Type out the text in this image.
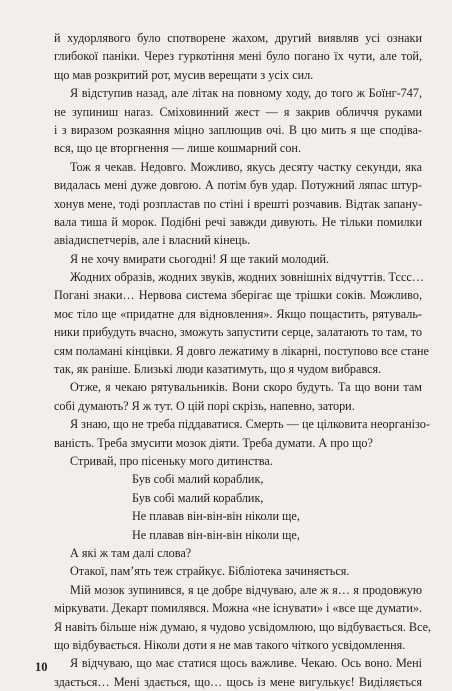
й худорлявого було спотворене жахом, другий виявляв усі ознаки
глибокої паніки. Через гуркотіння мені було погано їх чути, але той,
що мав розкритий рот, мусив верещати з усіх сил.
Я відступив назад, але літак на повному ходу, до того ж Боїнг-747,
не зупиниш наraз. Сміховинний жест — я закрив обличчя руками
і з виразом розкаяння міцно заплющив очі. В цю мить я ще сподіва-
вся, що це вторгнення — лише кошмарний сон.
Тож я чекав. Недовго. Можливо, якусь десяту частку секунди, яка
видалась мені дуже довгою. А потім був удар. Потужний ляпас штур-
хонув мене, тоді розпластав по стіні і врешті розчавив. Відтак запану-
вала тиша й морок. Подібні речі завжди дивують. Не тільки помилки
авіадиспетчерів, але і власний кінець.
Я не хочу вмирати сьогодні! Я ще такий молодий.
Жодних образів, жодних звуків, жодних зовнішніх відчуттів. Тссс…
Погані знаки… Нервова система зберігає ще трішки соків. Можливо,
моє тіло ще «придатне для відновлення». Якщо пощастить, рятуваль-
ники прибудуть вчасно, зможуть запустити серце, залатають то там, то
сям поламані кінцівки. Я довго лежатиму в лікарні, поступово все стане
так, як раніше. Близькі люди казатимуть, що я чудом вибрався.
Отже, я чекаю рятувальників. Вони скоро будуть. Та що вони там
собі думають? Я ж тут. О цій порі скрізь, напевно, затори.
Я знаю, що не треба піддаватися. Смерть — це цілковита неорганізо-
ваність. Треба змусити мозок діяти. Треба думати. А про що?
Стривай, про пісеньку мого дитинства.
Був собі малий кораблик,
Був собі малий кораблик,
Не плавав він-він-він ніколи ще,
Не плавав він-він-він ніколи ще,
А які ж там далі слова?
Отакої, пам’ять теж страйкує. Бібліотека зачиняється.
Мій мозок зупинився, я це добре відчуваю, але ж я… я продовжую
міркувати. Декарт помилявся. Можна «не існувати» і «все ще думати».
Я навіть більше ніж думаю, я чудово усвідомлюю, що відбувається. Все,
що відбувається. Ніколи доти я не мав такого чіткого усвідомлення.
Я відчуваю, що має статися щось важливе. Чекаю. Ось воно. Мені
здається… Мені здається, що… щось із мене вигулькує! Виділяється
10
